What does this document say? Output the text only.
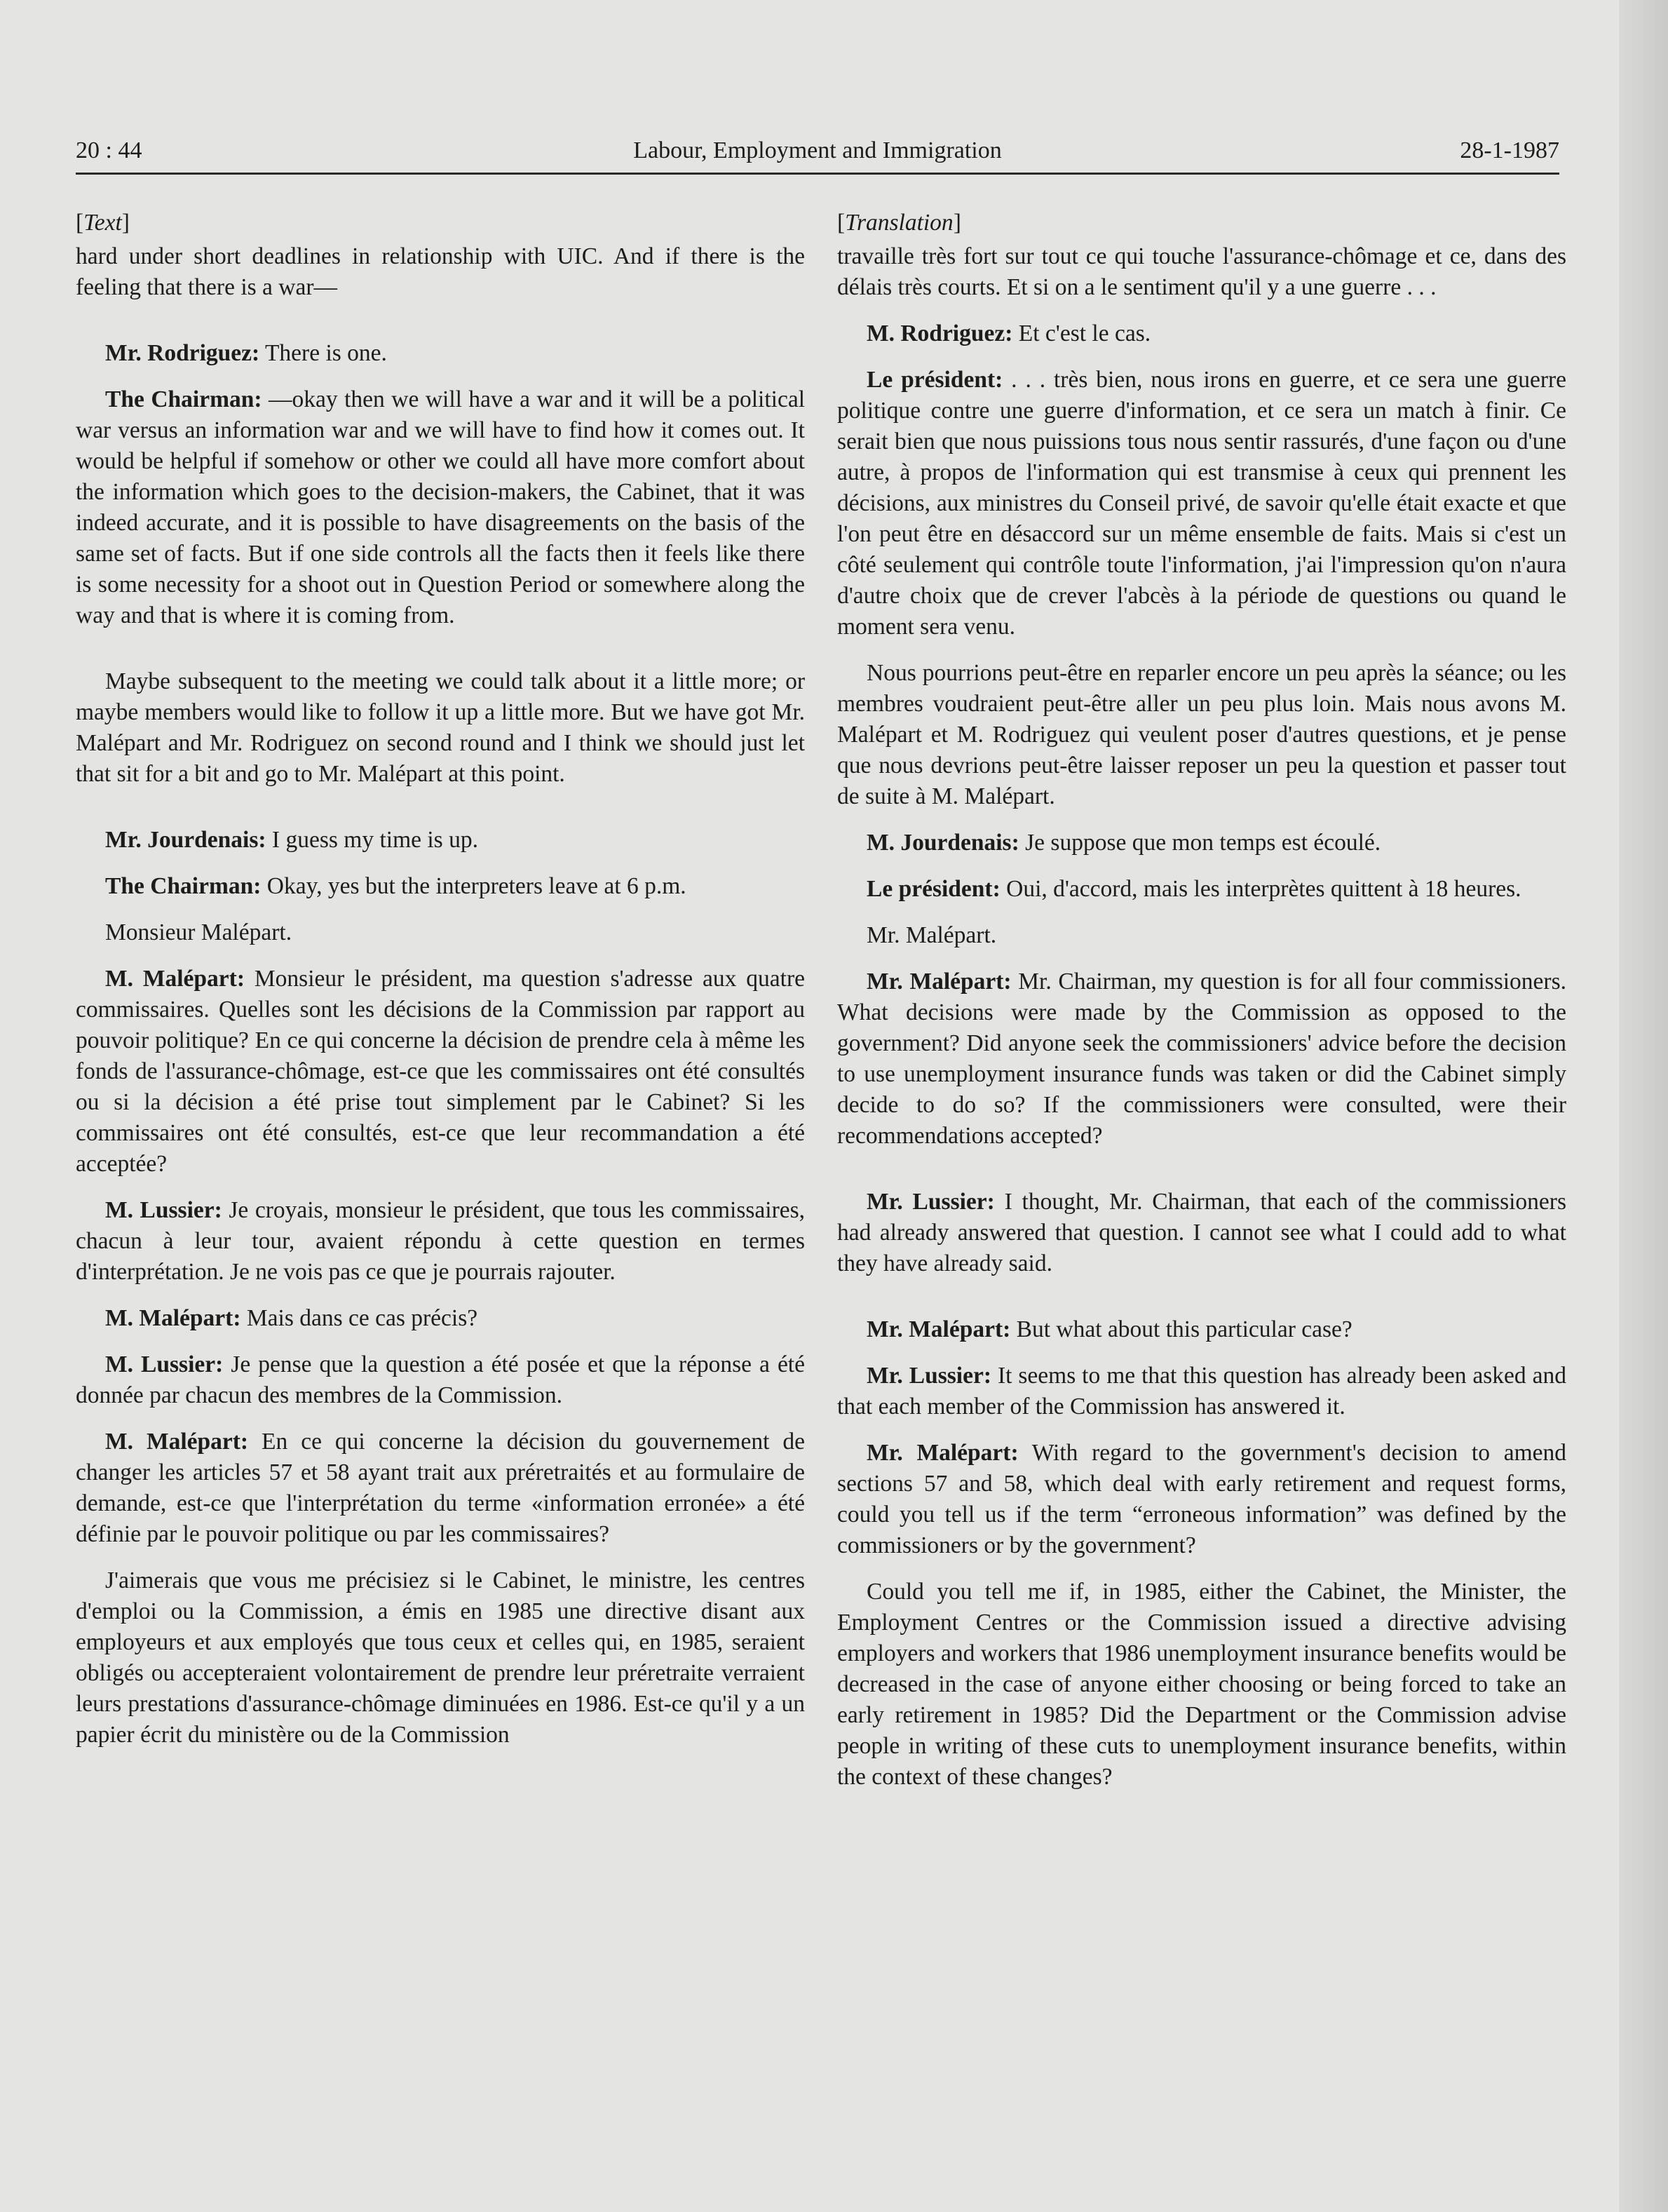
20 : 44	Labour, Employment and Immigration	28-1-1987
[Text]

hard under short deadlines in relationship with UIC. And if there is the feeling that there is a war—

Mr. Rodriguez: There is one.

The Chairman: —okay then we will have a war and it will be a political war versus an information war and we will have to find how it comes out. It would be helpful if somehow or other we could all have more comfort about the information which goes to the decision-makers, the Cabinet, that it was indeed accurate, and it is possible to have disagreements on the basis of the same set of facts. But if one side controls all the facts then it feels like there is some necessity for a shoot out in Question Period or somewhere along the way and that is where it is coming from.

Maybe subsequent to the meeting we could talk about it a little more; or maybe members would like to follow it up a little more. But we have got Mr. Malépart and Mr. Rodriguez on second round and I think we should just let that sit for a bit and go to Mr. Malépart at this point.

Mr. Jourdenais: I guess my time is up.

The Chairman: Okay, yes but the interpreters leave at 6 p.m.

Monsieur Malépart.

M. Malépart: Monsieur le président, ma question s'adresse aux quatre commissaires. Quelles sont les décisions de la Commission par rapport au pouvoir politique? En ce qui concerne la décision de prendre cela à même les fonds de l'assurance-chômage, est-ce que les commissaires ont été consultés ou si la décision a été prise tout simplement par le Cabinet? Si les commissaires ont été consultés, est-ce que leur recommandation a été acceptée?

M. Lussier: Je croyais, monsieur le président, que tous les commissaires, chacun à leur tour, avaient répondu à cette question en termes d'interprétation. Je ne vois pas ce que je pourrais rajouter.

M. Malépart: Mais dans ce cas précis?

M. Lussier: Je pense que la question a été posée et que la réponse a été donnée par chacun des membres de la Commission.

M. Malépart: En ce qui concerne la décision du gouvernement de changer les articles 57 et 58 ayant trait aux préretraités et au formulaire de demande, est-ce que l'interprétation du terme «information erronée» a été définie par le pouvoir politique ou par les commissaires?

J'aimerais que vous me précisiez si le Cabinet, le ministre, les centres d'emploi ou la Commission, a émis en 1985 une directive disant aux employeurs et aux employés que tous ceux et celles qui, en 1985, seraient obligés ou accepteraient volontairement de prendre leur préretraite verraient leurs prestations d'assurance-chômage diminuées en 1986. Est-ce qu'il y a un papier écrit du ministère ou de la Commission

[Translation]

travaille très fort sur tout ce qui touche l'assurance-chômage et ce, dans des délais très courts. Et si on a le sentiment qu'il y a une guerre . . .

M. Rodriguez: Et c'est le cas.

Le président: . . . très bien, nous irons en guerre, et ce sera une guerre politique contre une guerre d'information, et ce sera un match à finir. Ce serait bien que nous puissions tous nous sentir rassurés, d'une façon ou d'une autre, à propos de l'information qui est transmise à ceux qui prennent les décisions, aux ministres du Conseil privé, de savoir qu'elle était exacte et que l'on peut être en désaccord sur un même ensemble de faits. Mais si c'est un côté seulement qui contrôle toute l'information, j'ai l'impression qu'on n'aura d'autre choix que de crever l'abcès à la période de questions ou quand le moment sera venu.

Nous pourrions peut-être en reparler encore un peu après la séance; ou les membres voudraient peut-être aller un peu plus loin. Mais nous avons M. Malépart et M. Rodriguez qui veulent poser d'autres questions, et je pense que nous devrions peut-être laisser reposer un peu la question et passer tout de suite à M. Malépart.

M. Jourdenais: Je suppose que mon temps est écoulé.

Le président: Oui, d'accord, mais les interprètes quittent à 18 heures.

Mr. Malépart.

Mr. Malépart: Mr. Chairman, my question is for all four commissioners. What decisions were made by the Commission as opposed to the government? Did anyone seek the commissioners' advice before the decision to use unemployment insurance funds was taken or did the Cabinet simply decide to do so? If the commissioners were consulted, were their recommendations accepted?

Mr. Lussier: I thought, Mr. Chairman, that each of the commissioners had already answered that question. I cannot see what I could add to what they have already said.

Mr. Malépart: But what about this particular case?

Mr. Lussier: It seems to me that this question has already been asked and that each member of the Commission has answered it.

Mr. Malépart: With regard to the government's decision to amend sections 57 and 58, which deal with early retirement and request forms, could you tell us if the term “erroneous information” was defined by the commissioners or by the government?

Could you tell me if, in 1985, either the Cabinet, the Minister, the Employment Centres or the Commission issued a directive advising employers and workers that 1986 unemployment insurance benefits would be decreased in the case of anyone either choosing or being forced to take an early retirement in 1985? Did the Department or the Commission advise people in writing of these cuts to unemployment insurance benefits, within the context of these changes?
